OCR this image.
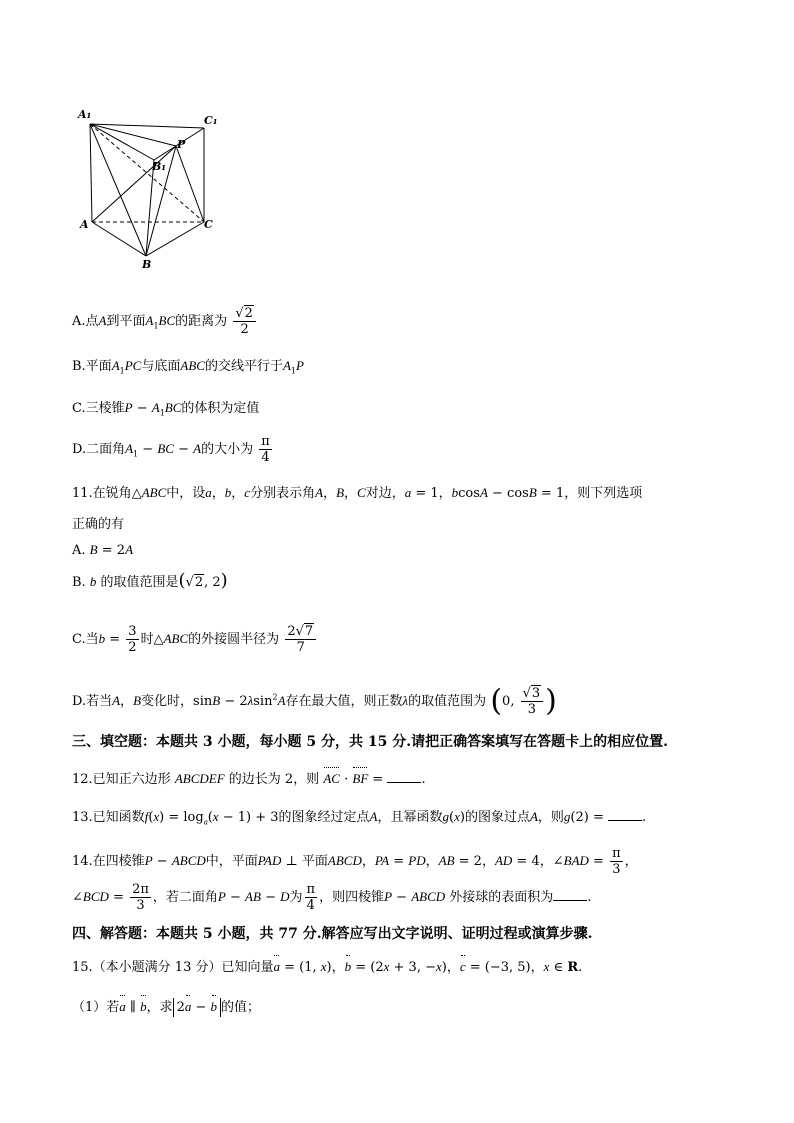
A₁	C₁
P
B₁
A	C
B
A.点A到平面$A_1BC$的距离为 $\frac{√2}{2}$
B.平面$A_1PC$与底面ABC的交线平行于$A_1P$
C.三棱锥$P - A_1BC$的体积为定值
D.二面角$A_1$ − BC − A的大小为 $\frac{\pi}{4}$
11.在锐角△ABC中，设a，b，c分别表示角A，B，C对边，a = 1，bcosA − cosB = 1，则下列选项
正确的有
A. B = 2A
B. b 的取值范围是(√2, 2)
C.当$b = \frac{3}{2}$ 时△ABC的外接圆半径为 $\frac{2√7}{7}$
D.若当A，B变化时，sinB − 2λsin$^2$A存在最大值，则正数λ的取值范围为 (0, $\frac{√3}{3}$ )
三、填空题：本题共 3 小题，每小题 5 分，共 15 分.请把正确答案填写在答题卡上的相应位置.
12.已知正六边形 ABCDEF 的边长为 2，则 AC · BF =	.
13.已知函数$f(x) = \log_a(x - 1) + 3$的图象经过定点A，且幂函数g(x)的图象过点A，则g(2) =	.
14.在四棱锥P − ABCD中，平面PAD ⊥ 平面ABCD，PA = PD，AB = 2，AD = 4，∠BAD = $\frac{\pi}{3}$ ，
∠BCD = $\frac{2\pi}{3}$ ，若二面角P − AB − D为 $\frac{\pi}{4}$ ，则四棱锥P − ABCD 外接球的表面积为	.
四、解答题：本题共 5 小题，共 77 分.解答应写出文字说明、证明过程或演算步骤.
15.（本小题满分 13 分）已知向量a = (1, x)，b = (2x + 3, −x)，c = (−3, 5)，x ∈ R.
（1）若a ∥ b，求 2a − b 的值；
